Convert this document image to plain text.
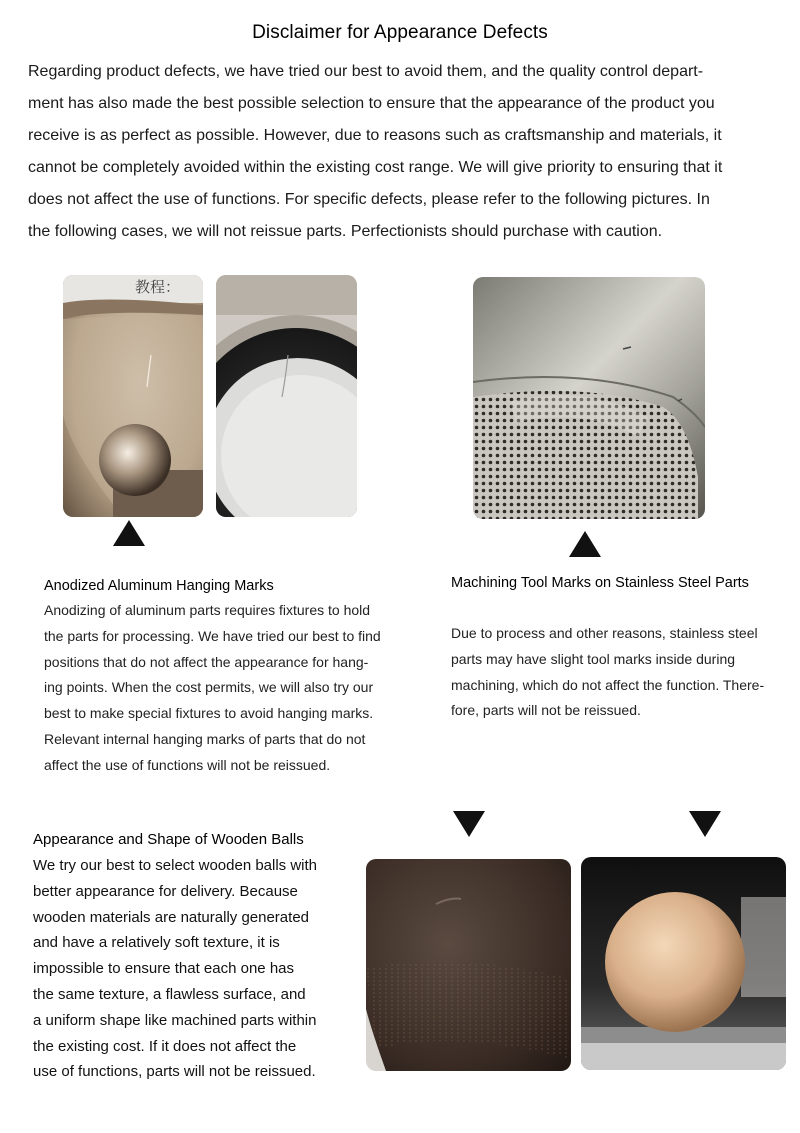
Disclaimer for Appearance Defects
Regarding product defects, we have tried our best to avoid them, and the quality control depart-
ment has also made the best possible selection to ensure that the appearance of the product you
receive is as perfect as possible. However, due to reasons such as craftsmanship and materials, it
cannot be completely avoided within the existing cost range. We will give priority to ensuring that it
does not affect the use of functions. For specific defects, please refer to the following pictures. In
the following cases, we will not reissue parts. Perfectionists should purchase with caution.
教程：
Anodized Aluminum Hanging Marks
Anodizing of aluminum parts requires fixtures to hold
the parts for processing. We have tried our best to find
positions that do not affect the appearance for hang-
ing points. When the cost permits, we will also try our
best to make special fixtures to avoid hanging marks.
Relevant internal hanging marks of parts that do not
affect the use of functions will not be reissued.
Machining Tool Marks on Stainless Steel Parts
Due to process and other reasons, stainless steel
parts may have slight tool marks inside during
machining, which do not affect the function. There-
fore, parts will not be reissued.
Appearance and Shape of Wooden Balls
We try our best to select wooden balls with
better appearance for delivery. Because
wooden materials are naturally generated
and have a relatively soft texture, it is
impossible to ensure that each one has
the same texture, a flawless surface, and
a uniform shape like machined parts within
the existing cost. If it does not affect the
use of functions, parts will not be reissued.
